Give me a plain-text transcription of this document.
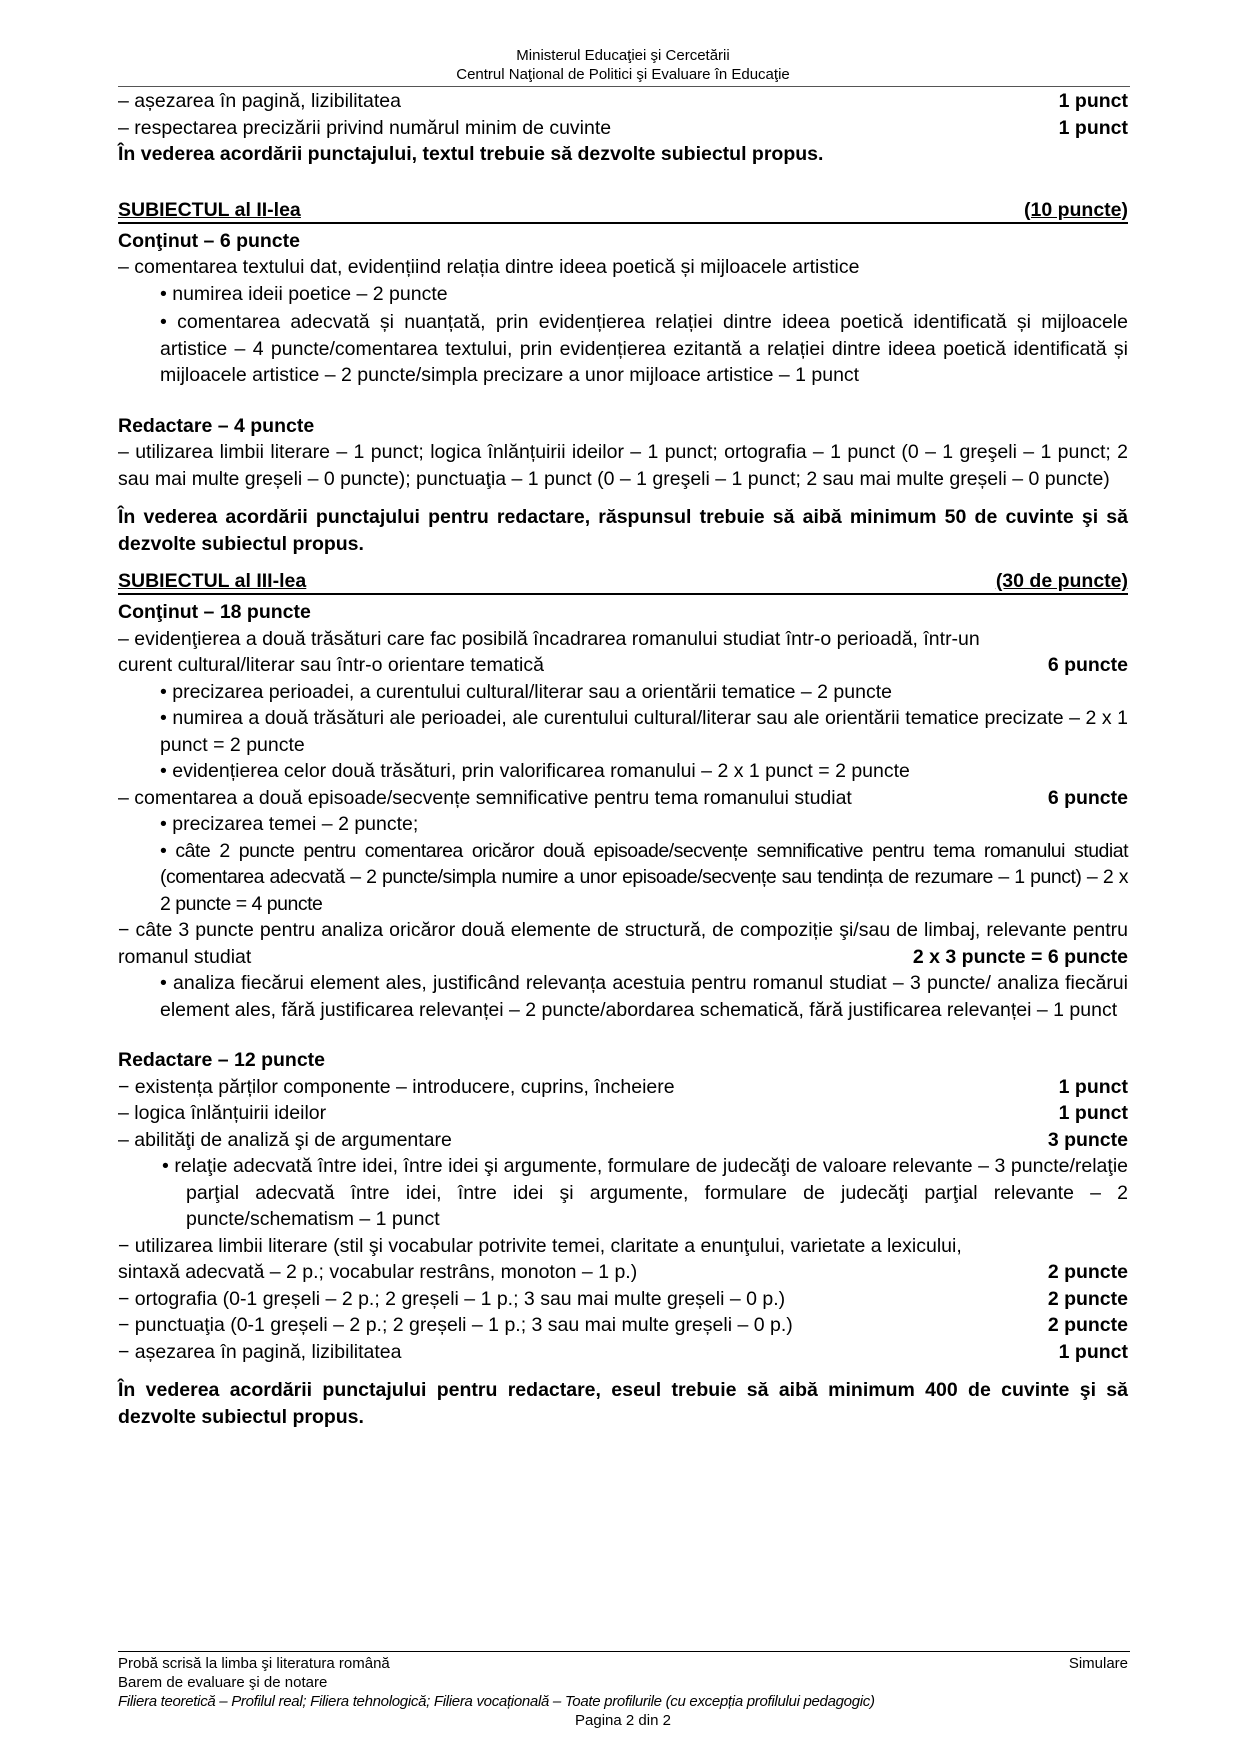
Ministerul Educaţiei şi Cercetării
Centrul Naţional de Politici şi Evaluare în Educaţie
– așezarea în pagină, lizibilitatea	1 punct
– respectarea precizării privind numărul minim de cuvinte	1 punct
În vederea acordării punctajului, textul trebuie să dezvolte subiectul propus.
SUBIECTUL al II-lea	(10 puncte)
Conţinut – 6 puncte
– comentarea textului dat, evidențiind relația dintre ideea poetică și mijloacele artistice
• numirea ideii poetice – 2 puncte
• comentarea adecvată și nuanțată, prin evidențierea relației dintre ideea poetică identificată și mijloacele artistice – 4 puncte/comentarea textului, prin evidențierea ezitantă a relației dintre ideea poetică identificată și mijloacele artistice – 2 puncte/simpla precizare a unor mijloace artistice – 1 punct
Redactare – 4 puncte
– utilizarea limbii literare – 1 punct; logica înlănțuirii ideilor – 1 punct; ortografia – 1 punct (0 – 1 greşeli – 1 punct; 2 sau mai multe greșeli – 0 puncte); punctuaţia – 1 punct (0 – 1 greşeli – 1 punct; 2 sau mai multe greșeli – 0 puncte)
În vederea acordării punctajului pentru redactare, răspunsul trebuie să aibă minimum 50 de cuvinte şi să dezvolte subiectul propus.
SUBIECTUL al III-lea	(30 de puncte)
Conţinut – 18 puncte
– evidenţierea a două trăsături care fac posibilă încadrarea romanului studiat într-o perioadă, într-un curent cultural/literar sau într-o orientare tematică	6 puncte
• precizarea perioadei, a curentului cultural/literar sau a orientării tematice – 2 puncte
• numirea a două trăsături ale perioadei, ale curentului cultural/literar sau ale orientării tematice precizate – 2 x 1 punct = 2 puncte
• evidențierea celor două trăsături, prin valorificarea romanului – 2 x 1 punct = 2 puncte
– comentarea a două episoade/secvențe semnificative pentru tema romanului studiat	6 puncte
• precizarea temei – 2 puncte;
• câte 2 puncte pentru comentarea oricăror două episoade/secvențe semnificative pentru tema romanului studiat (comentarea adecvată – 2 puncte/simpla numire a unor episoade/secvențe sau tendința de rezumare – 1 punct) – 2 x 2 puncte = 4 puncte
− câte 3 puncte pentru analiza oricăror două elemente de structură, de compoziție şi/sau de limbaj, relevante pentru romanul studiat	2 x 3 puncte = 6 puncte
• analiza fiecărui element ales, justificând relevanța acestuia pentru romanul studiat – 3 puncte/ analiza fiecărui element ales, fără justificarea relevanței – 2 puncte/abordarea schematică, fără justificarea relevanței – 1 punct
Redactare – 12 puncte
− existența părților componente – introducere, cuprins, încheiere	1 punct
– logica înlănțuirii ideilor	1 punct
– abilităţi de analiză şi de argumentare	3 puncte
• relaţie adecvată între idei, între idei şi argumente, formulare de judecăţi de valoare relevante – 3 puncte/relaţie parţial adecvată între idei, între idei şi argumente, formulare de judecăţi parţial relevante – 2 puncte/schematism – 1 punct
− utilizarea limbii literare (stil şi vocabular potrivite temei, claritate a enunţului, varietate a lexicului,
sintaxă adecvată – 2 p.; vocabular restrâns, monoton – 1 p.)	2 puncte
− ortografia (0-1 greșeli – 2 p.; 2 greșeli – 1 p.; 3 sau mai multe greșeli – 0 p.)	2 puncte
− punctuaţia (0-1 greșeli – 2 p.; 2 greșeli – 1 p.; 3 sau mai multe greșeli – 0 p.)	2 puncte
− așezarea în pagină, lizibilitatea	1 punct
În vederea acordării punctajului pentru redactare, eseul trebuie să aibă minimum 400 de cuvinte şi să dezvolte subiectul propus.
Probă scrisă la limba şi literatura română	Simulare
Barem de evaluare şi de notare
Filiera teoretică – Profilul real; Filiera tehnologică; Filiera vocațională – Toate profilurile (cu excepția profilului pedagogic)
Pagina 2 din 2
